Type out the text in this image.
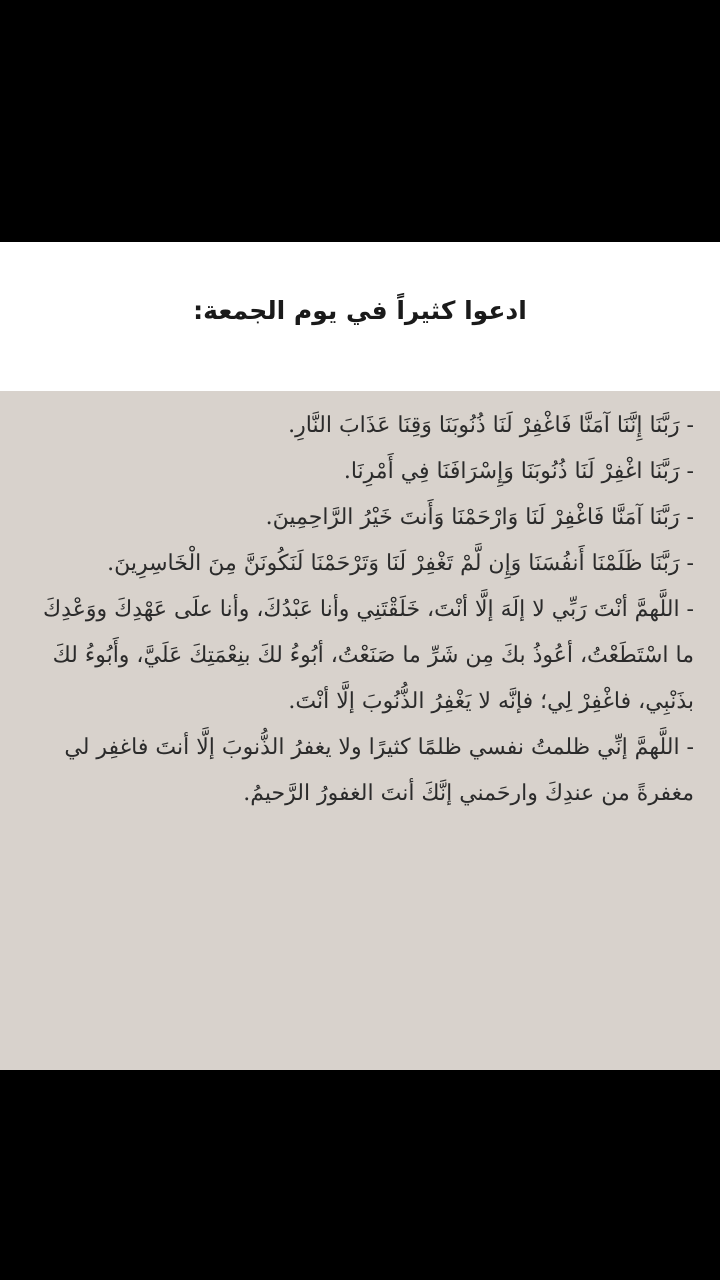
ادعوا كثيراً في يوم الجمعة:
- رَبَّنَا إِنَّنَا آمَنَّا فَاغْفِرْ لَنَا ذُنُوبَنَا وَقِنَا عَذَابَ النَّارِ.
- رَبَّنَا اغْفِرْ لَنَا ذُنُوبَنَا وَإِسْرَافَنَا فِي أَمْرِنَا.
- رَبَّنَا آمَنَّا فَاغْفِرْ لَنَا وَارْحَمْنَا وَأَنتَ خَيْرُ الرَّاحِمِينَ.
- رَبَّنَا ظَلَمْنَا أَنفُسَنَا وَإِن لَّمْ تَغْفِرْ لَنَا وَتَرْحَمْنَا لَنَكُونَنَّ مِنَ الْخَاسِرِينَ.
- اللَّهمَّ أنْتَ رَبِّي لا إلَهَ إلَّا أنْتَ، خَلَقْتَنِي وأنا عَبْدُكَ، وأنا علَى عَهْدِكَ ووَعْدِكَ ما اسْتَطَعْتُ، أعُوذُ بكَ مِن شَرِّ ما صَنَعْتُ، أبُوءُ لكَ بنِعْمَتِكَ عَلَيَّ، وأَبُوءُ لكَ بذَنْبِي، فاغْفِرْ لِي؛ فإنَّه لا يَغْفِرُ الذُّنُوبَ إلَّا أنْتَ.
- اللَّهمَّ إنِّي ظلمتُ نفسي ظلمًا كثيرًا ولا يغفرُ الذُّنوبَ إلَّا أنتَ فاغفِر لي مغفرةً من عندِكَ وارحَمني إنَّكَ أنتَ الغفورُ الرَّحيمُ.
